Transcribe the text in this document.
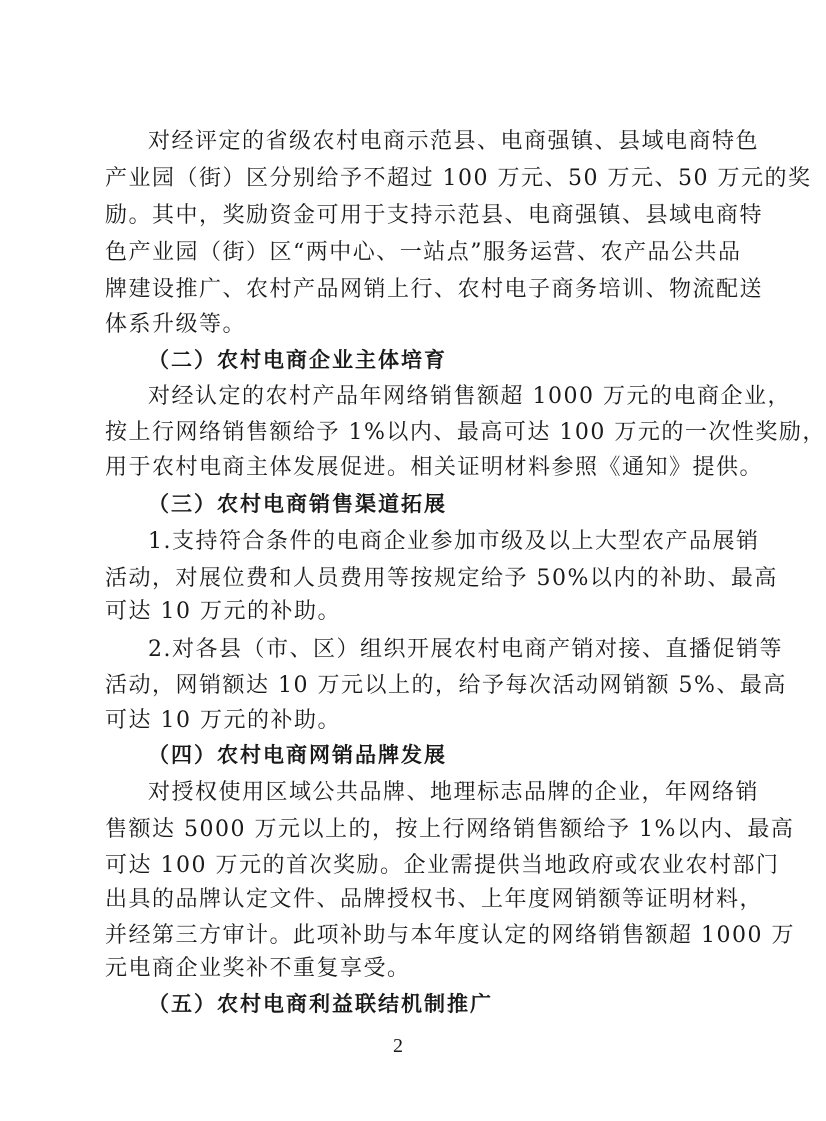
对经评定的省级农村电商示范县、电商强镇、县域电商特色
产业园（街）区分别给予不超过 100 万元、50 万元、50 万元的奖
励。其中，奖励资金可用于支持示范县、电商强镇、县域电商特
色产业园（街）区“两中心、一站点”服务运营、农产品公共品
牌建设推广、农村产品网销上行、农村电子商务培训、物流配送
体系升级等。
（二）农村电商企业主体培育
对经认定的农村产品年网络销售额超 1000 万元的电商企业，
按上行网络销售额给予 1%以内、最高可达 100 万元的一次性奖励，
用于农村电商主体发展促进。相关证明材料参照《通知》提供。
（三）农村电商销售渠道拓展
1.支持符合条件的电商企业参加市级及以上大型农产品展销
活动，对展位费和人员费用等按规定给予 50%以内的补助、最高
可达 10 万元的补助。
2.对各县（市、区）组织开展农村电商产销对接、直播促销等
活动，网销额达 10 万元以上的，给予每次活动网销额 5%、最高
可达 10 万元的补助。
（四）农村电商网销品牌发展
对授权使用区域公共品牌、地理标志品牌的企业，年网络销
售额达 5000 万元以上的，按上行网络销售额给予 1%以内、最高
可达 100 万元的首次奖励。企业需提供当地政府或农业农村部门
出具的品牌认定文件、品牌授权书、上年度网销额等证明材料，
并经第三方审计。此项补助与本年度认定的网络销售额超 1000 万
元电商企业奖补不重复享受。
（五）农村电商利益联结机制推广
2
